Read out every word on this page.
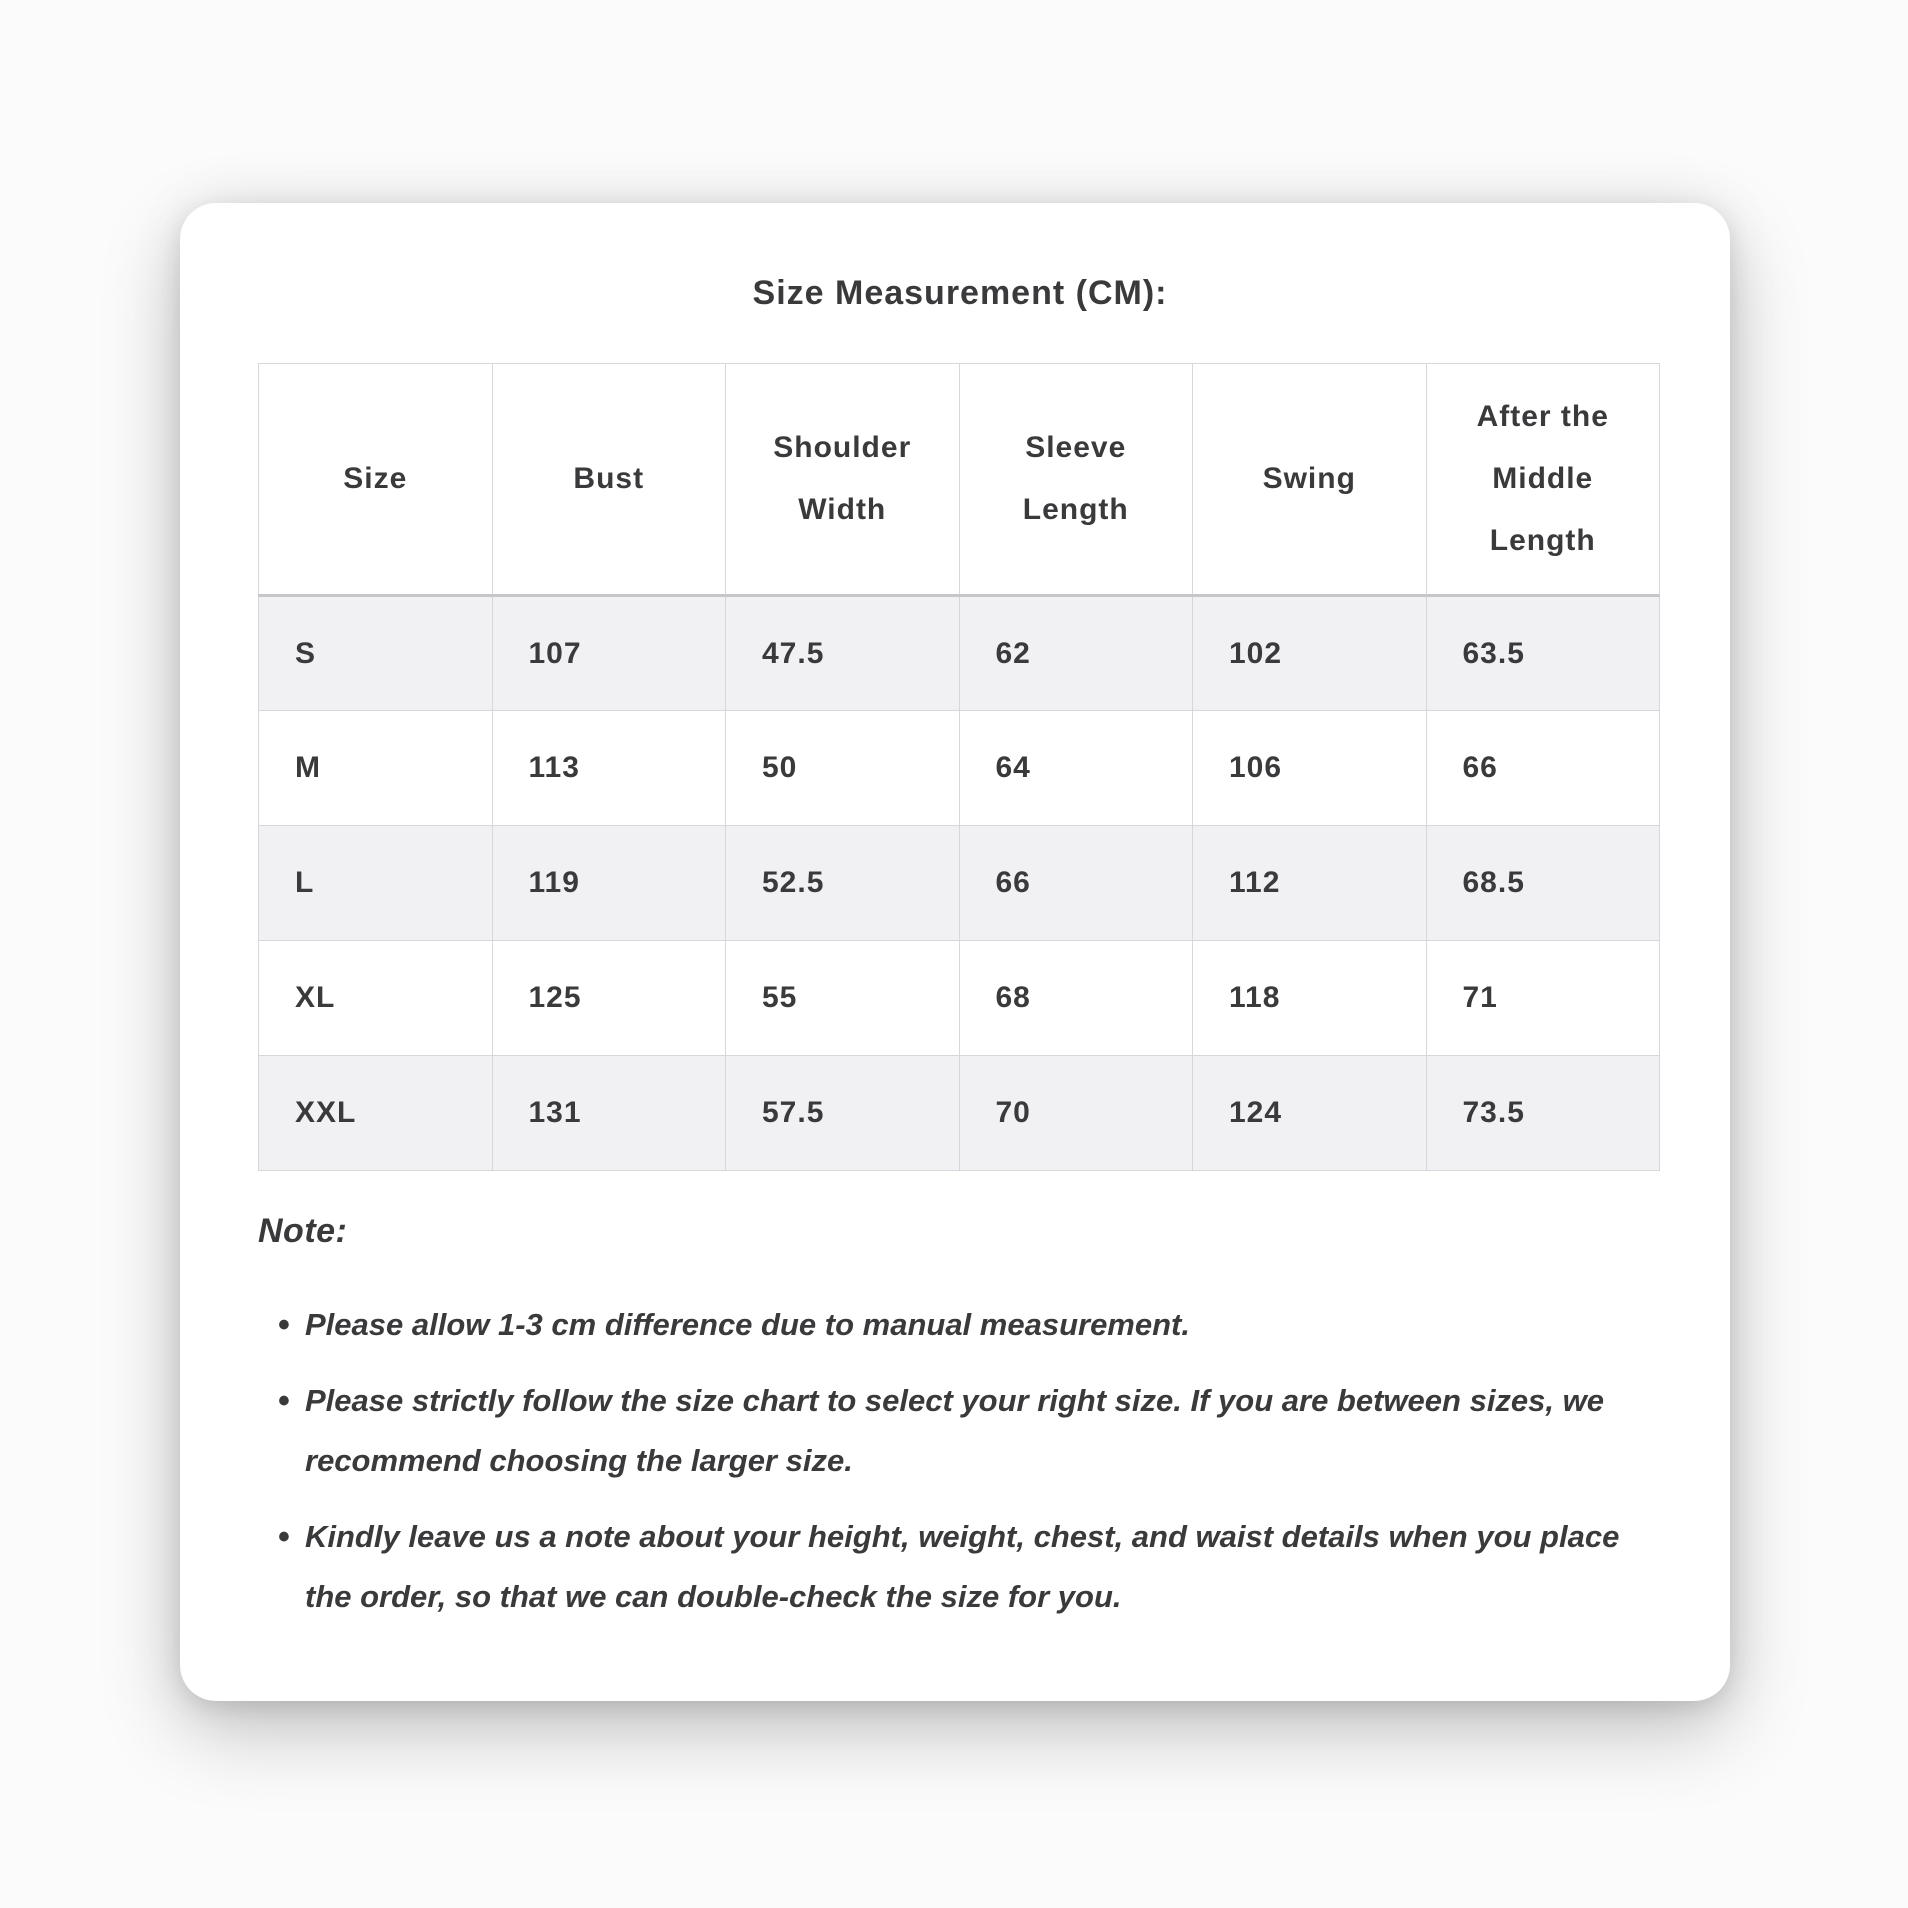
Size Measurement (CM):
Size	Bust	Shoulder Width	Sleeve Length	Swing	After the Middle Length
S	107	47.5	62	102	63.5
M	113	50	64	106	66
L	119	52.5	66	112	68.5
XL	125	55	68	118	71
XXL	131	57.5	70	124	73.5
Note:
• Please allow 1-3 cm difference due to manual measurement.
• Please strictly follow the size chart to select your right size. If you are between sizes, we recommend choosing the larger size.
• Kindly leave us a note about your height, weight, chest, and waist details when you place the order, so that we can double-check the size for you.
